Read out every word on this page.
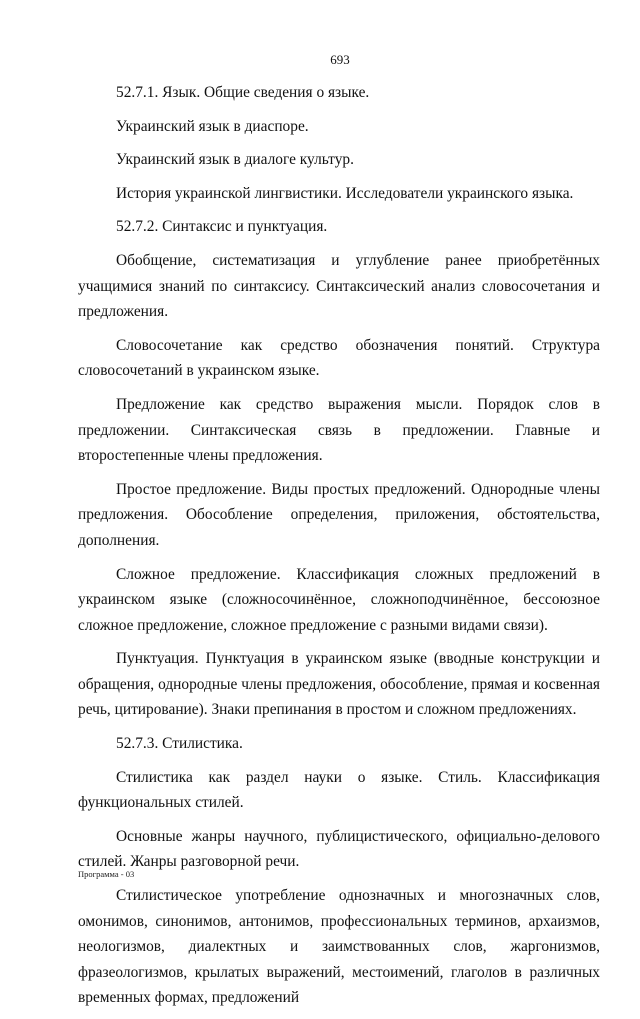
693

52.7.1. Язык. Общие сведения о языке.

Украинский язык в диаспоре.

Украинский язык в диалоге культур.

История украинской лингвистики. Исследователи украинского языка.

52.7.2. Синтаксис и пунктуация.

Обобщение, систематизация и углубление ранее приобретённых учащимися знаний по синтаксису. Синтаксический анализ словосочетания и предложения.

Словосочетание как средство обозначения понятий. Структура словосочетаний в украинском языке.

Предложение как средство выражения мысли. Порядок слов в предложении. Синтаксическая связь в предложении. Главные и второстепенные члены предложения.

Простое предложение. Виды простых предложений. Однородные члены предложения. Обособление определения, приложения, обстоятельства, дополнения.

Сложное предложение. Классификация сложных предложений в украинском языке (сложносочинённое, сложноподчинённое, бессоюзное сложное предложение, сложное предложение с разными видами связи).

Пунктуация. Пунктуация в украинском языке (вводные конструкции и обращения, однородные члены предложения, обособление, прямая и косвенная речь, цитирование). Знаки препинания в простом и сложном предложениях.

52.7.3. Стилистика.

Стилистика как раздел науки о языке. Стиль. Классификация функциональных стилей.

Основные жанры научного, публицистического, официально-делового стилей. Жанры разговорной речи.

Стилистическое употребление однозначных и многозначных слов, омонимов, синонимов, антонимов, профессиональных терминов, архаизмов, неологизмов, диалектных и заимствованных слов, жаргонизмов, фразеологизмов, крылатых выражений, местоимений, глаголов в различных временных формах, предложений

Программа - 03
